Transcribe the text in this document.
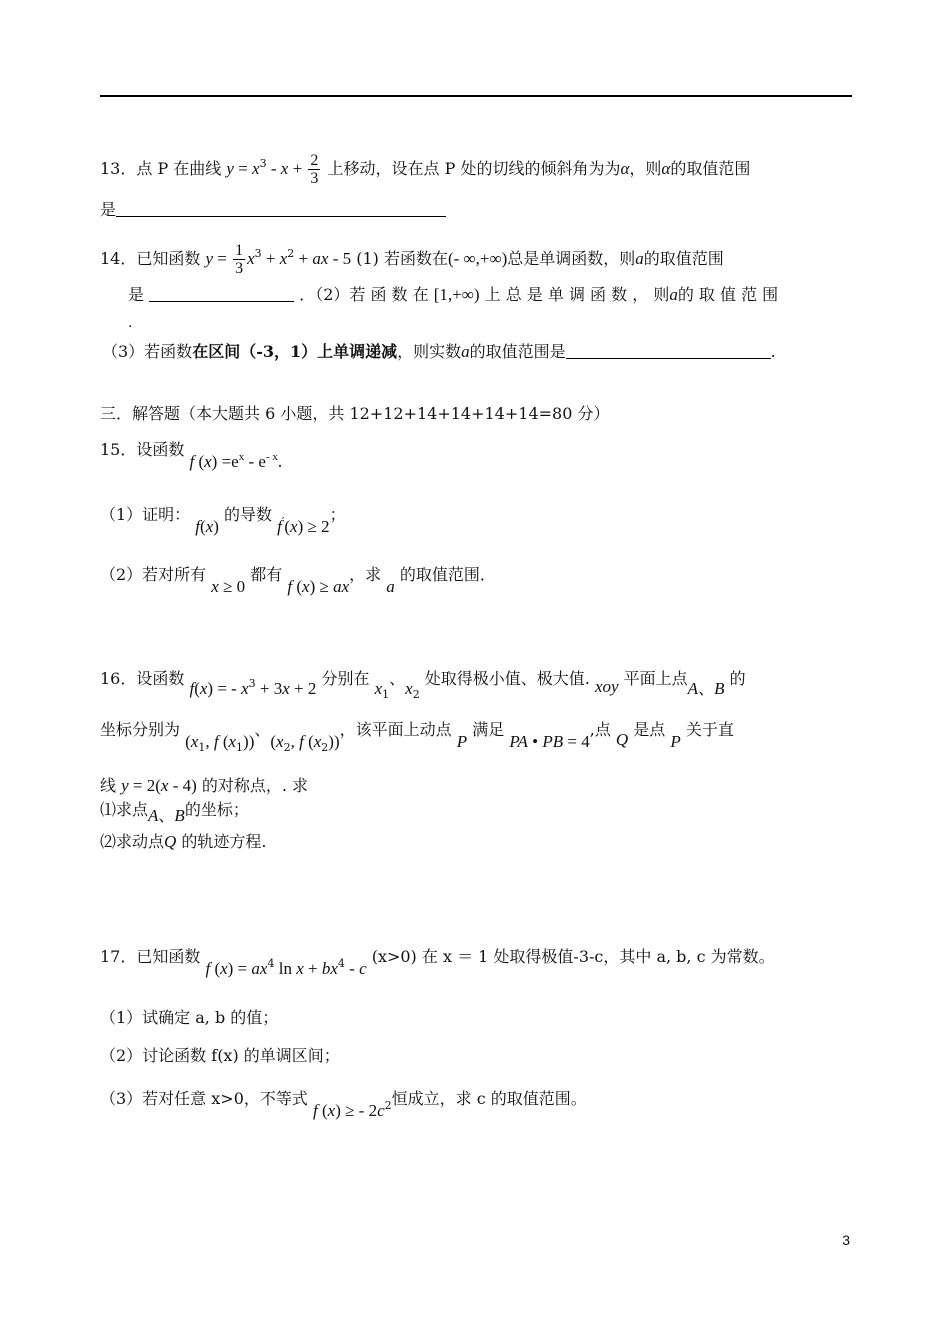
13．点 P 在曲线 $y = x^3 - x + \frac{2}{3}$ 上移动，设在点 P 处的切线的倾斜角为为α，则α的取值范围
是
14．已知函数 $y = \frac{1}{3} x^3 + x^2$ + ax - 5 (1) 若函数在(- ∞,+∞)总是单调函数，则a的取值范围
是	．（2）若 函 数 在 [1,+∞) 上 总 是 单 调 函 数 ， 则a的 取 值 范 围
.
（3）若函数在区间（-3，1）上单调递减，则实数a的取值范围是	.
三．解答题（本大题共 6 小题，共 12+12+14+14+14+14=80 分）
15．设函数 f $(x) =e^x - e^{- x}$.
（1）证明： f(x) 的导数 f′(x) ≥ 2；
（2）若对所有 x ≥ 0 都有 f (x) ≥ ax，求 a 的取值范围．
16．设函数 f(x) = - $x^3 + 3x + 2$ 分别在 $x_1$、$x_2$ 处取得极小值、极大值. xoy 平面上点A、B 的
坐标分别为 ($x_1$, f $(x_1)$)、($x_2$, f $(x_2)$)，该平面上动点 P 满足 PA • PB = 4,点 Q 是点 P 关于直
线 y = 2(x - 4) 的对称点，. 求
⑴求点A、B的坐标；
⑵求动点Q 的轨迹方程.
17．已知函数 f $(x) = ax^4$ $\ln x + bx^4 - c$ (x>0) 在 x ＝ 1 处取得极值-3-c，其中 a, b, c 为常数。
（1）试确定 a, b 的值；
（2）讨论函数 f(x) 的单调区间；
（3）若对任意 x>0，不等式 f (x) ≥ - $2c^2$恒成立，求 c 的取值范围。
3
